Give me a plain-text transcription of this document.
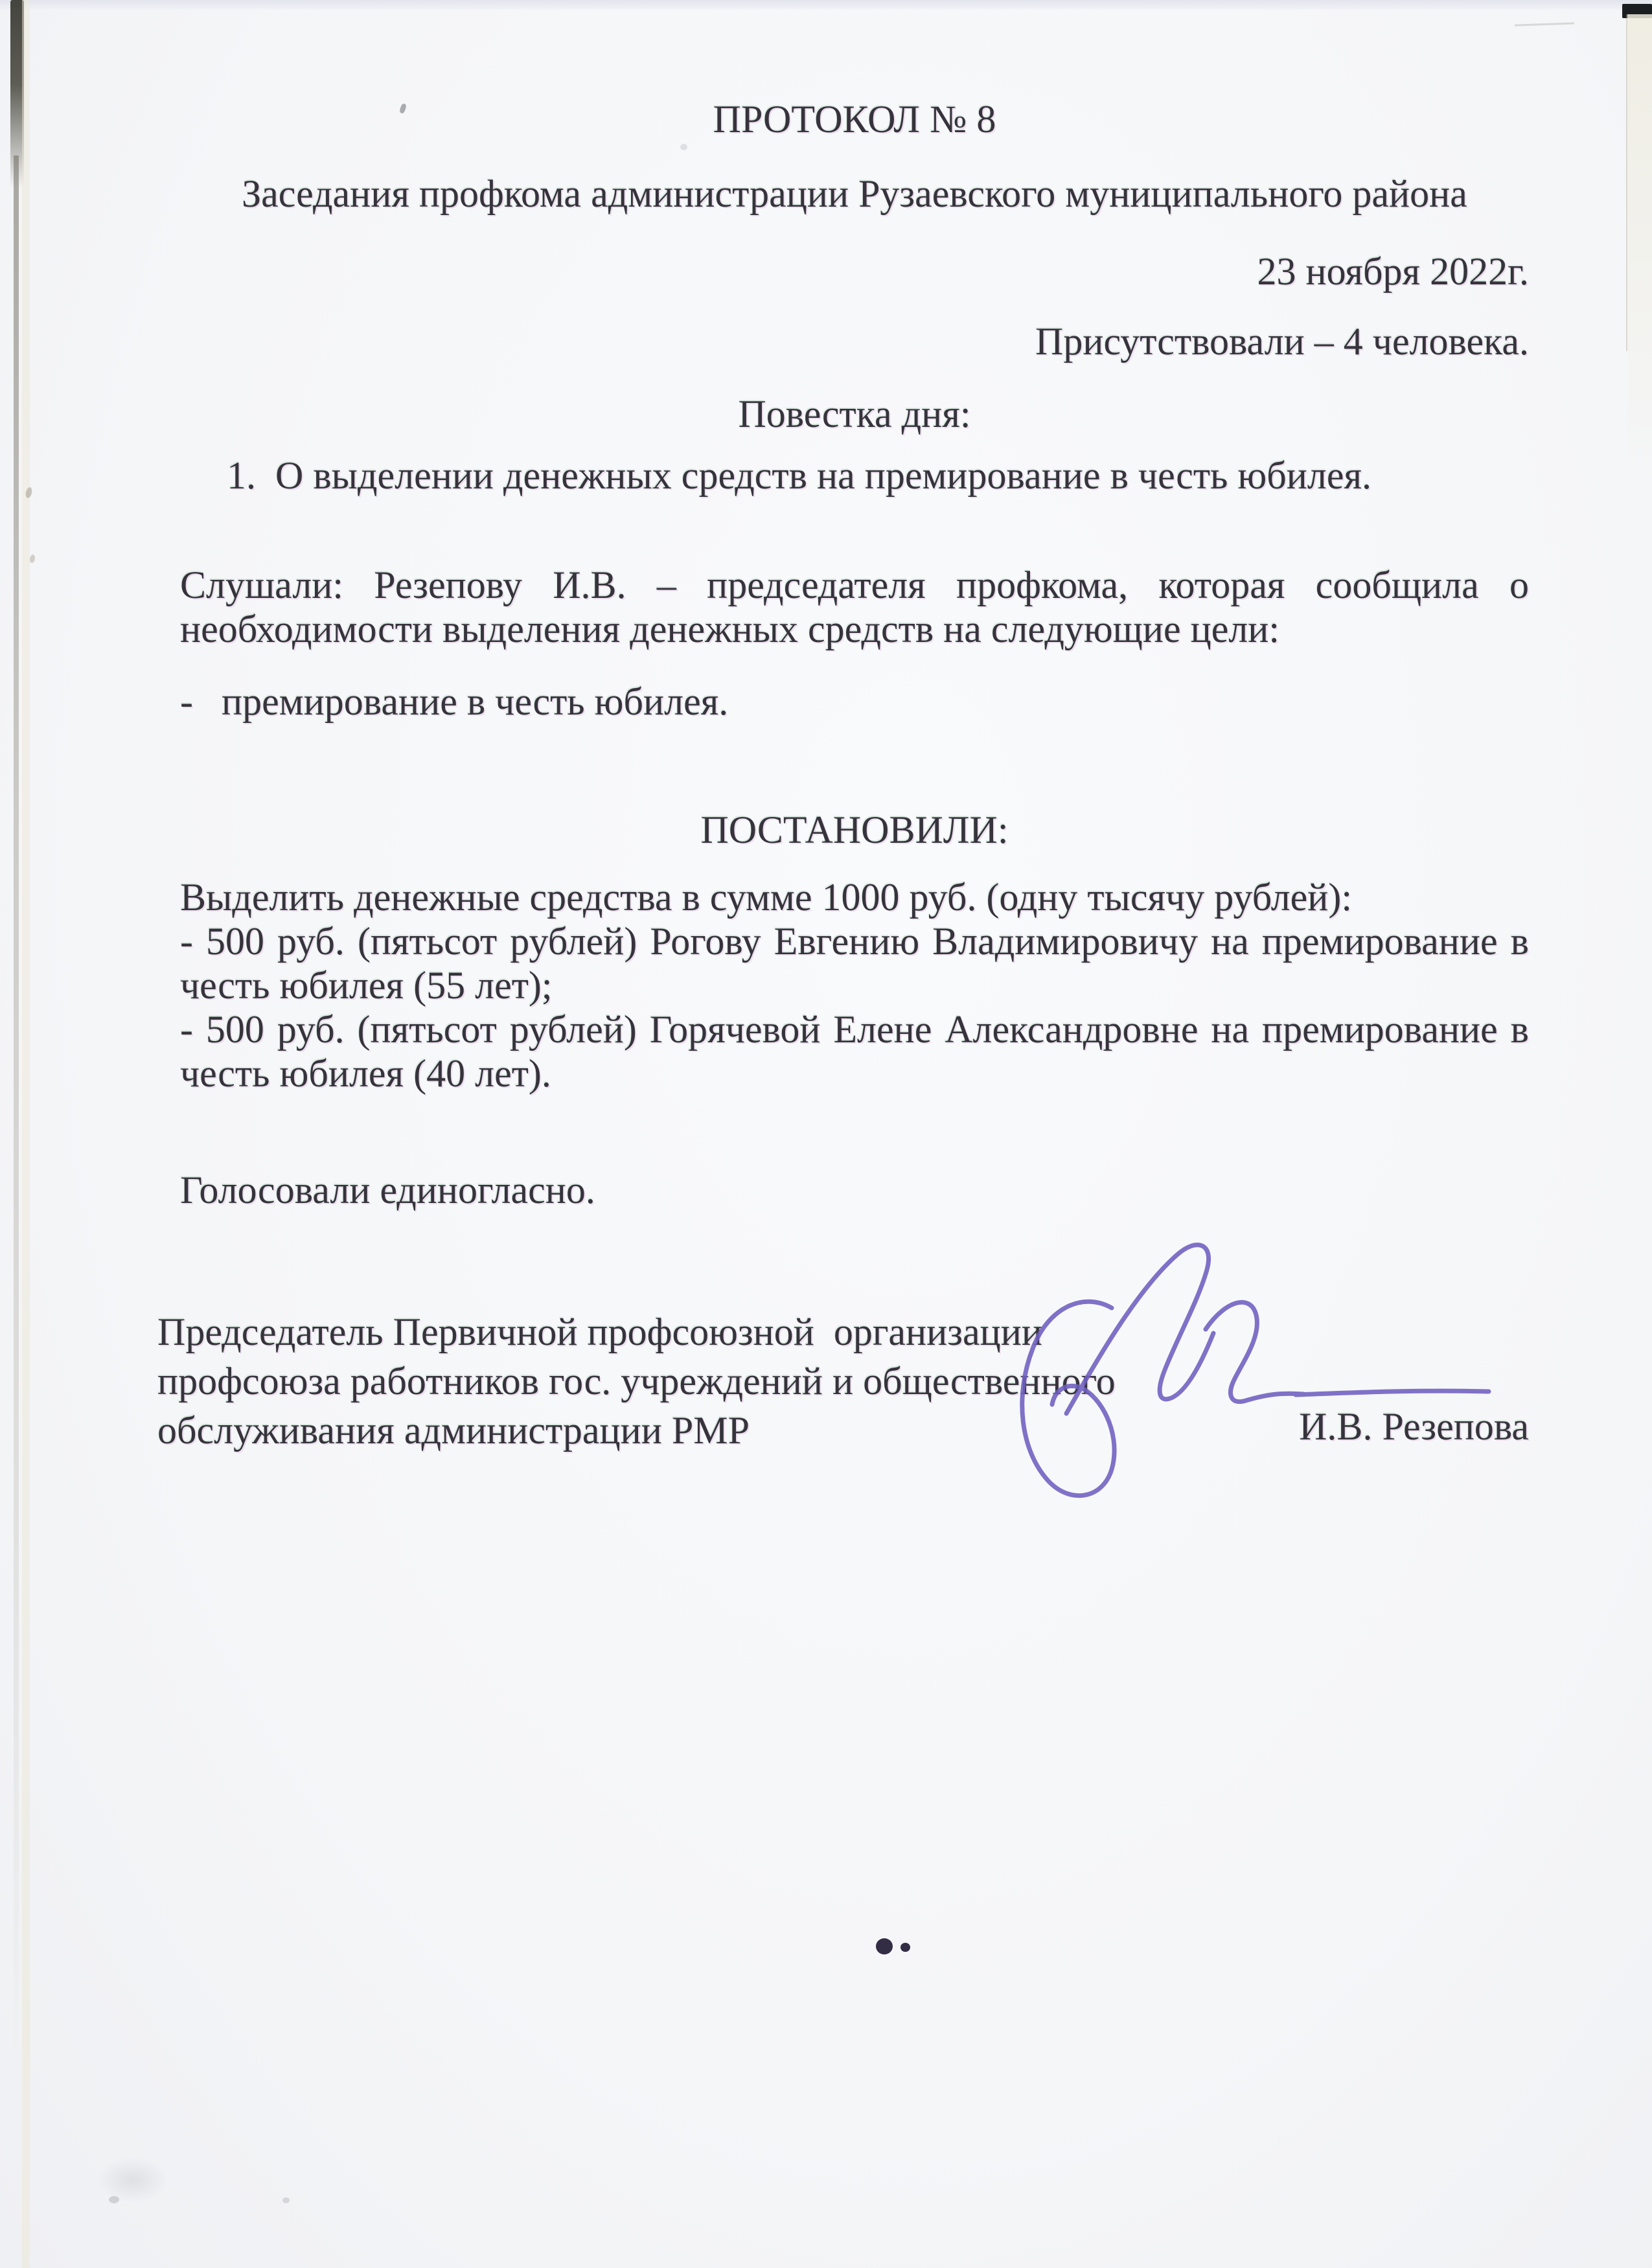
ПРОТОКОЛ № 8
Заседания профкома администрации Рузаевского муниципального района
23 ноября 2022г.
Присутствовали – 4 человека.
Повестка дня:
1. О выделении денежных средств на премирование в честь юбилея.
Слушали: Резепову И.В. – председателя профкома, которая сообщила о
необходимости выделения денежных средств на следующие цели:
- премирование в честь юбилея.
ПОСТАНОВИЛИ:
Выделить денежные средства в сумме 1000 руб. (одну тысячу рублей):
- 500 руб. (пятьсот рублей) Рогову Евгению Владимировичу на премирование в
честь юбилея (55 лет);
- 500 руб. (пятьсот рублей) Горячевой Елене Александровне на премирование в
честь юбилея (40 лет).
Голосовали единогласно.
Председатель Первичной профсоюзной  организации
профсоюза работников гос. учреждений и общественного
обслуживания администрации РМР	И.В. Резепова
